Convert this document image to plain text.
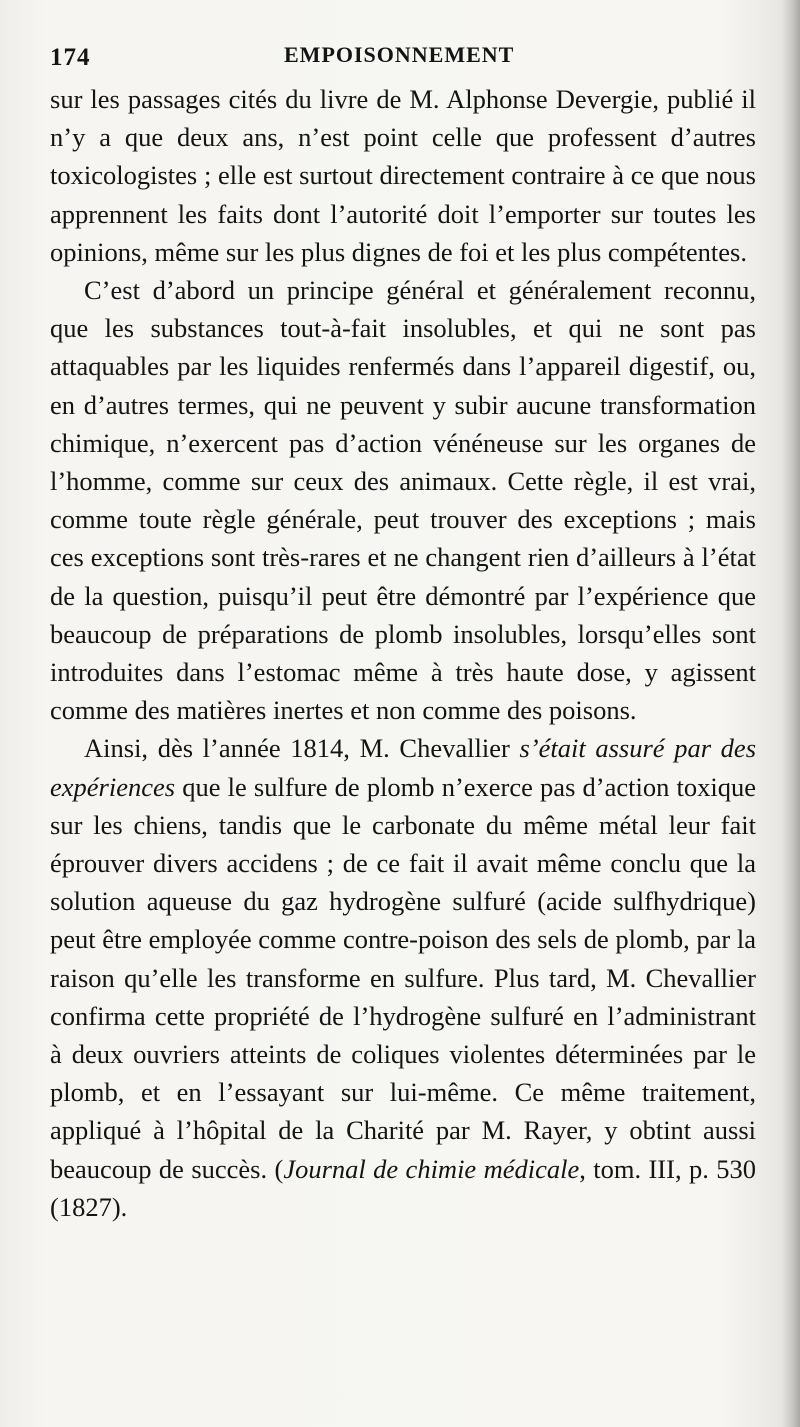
174	EMPOISONNEMENT

sur les passages cités du livre de M. Alphonse Devergie, publié il n’y a que deux ans, n’est point celle que professent d’autres toxicologistes ; elle est surtout directement contraire à ce que nous apprennent les faits dont l’autorité doit l’emporter sur toutes les opinions, même sur les plus dignes de foi et les plus compétentes.

C’est d’abord un principe général et généralement reconnu, que les substances tout-à-fait insolubles, et qui ne sont pas attaquables par les liquides renfermés dans l’appareil digestif, ou, en d’autres termes, qui ne peuvent y subir aucune transformation chimique, n’exercent pas d’action vénéneuse sur les organes de l’homme, comme sur ceux des animaux. Cette règle, il est vrai, comme toute règle générale, peut trouver des exceptions ; mais ces exceptions sont très-rares et ne changent rien d’ailleurs à l’état de la question, puisqu’il peut être démontré par l’expérience que beaucoup de préparations de plomb insolubles, lorsqu’elles sont introduites dans l’estomac même à très haute dose, y agissent comme des matières inertes et non comme des poisons.

Ainsi, dès l’année 1814, M. Chevallier s’était assuré par des expériences que le sulfure de plomb n’exerce pas d’action toxique sur les chiens, tandis que le carbonate du même métal leur fait éprouver divers accidens ; de ce fait il avait même conclu que la solution aqueuse du gaz hydrogène sulfuré (acide sulfhydrique) peut être employée comme contre-poison des sels de plomb, par la raison qu’elle les transforme en sulfure. Plus tard, M. Chevallier confirma cette propriété de l’hydrogène sulfuré en l’administrant à deux ouvriers atteints de coliques violentes déterminées par le plomb, et en l’essayant sur lui-même. Ce même traitement, appliqué à l’hôpital de la Charité par M. Rayer, y obtint aussi beaucoup de succès. (Journal de chimie médicale, tom. III, p. 530 (1827).
